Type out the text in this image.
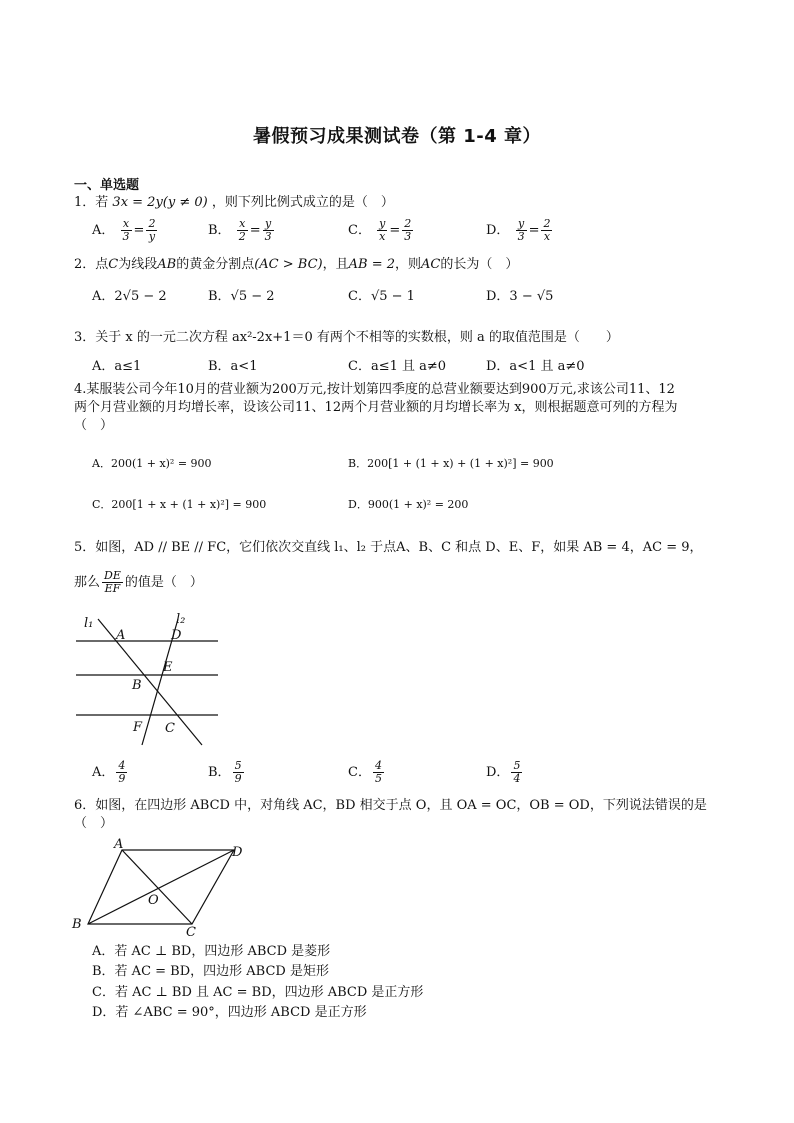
暑假预习成果测试卷（第 1-4 章）
一、单选题
1．若 3x = 2y(y ≠ 0) ，则下列比例式成立的是（　）
A． $\frac{x}{3} = \frac{2}{y}$	B． $\frac{x}{2} = \frac{y}{3}$	C． $\frac{y}{x} = \frac{2}{3}$	D． $\frac{y}{3} = \frac{2}{x}$
2．点C为线段AB的黄金分割点(AC > BC)，且AB = 2，则AC的长为（　）
A．2√5 − 2	B．√5 − 2	C．√5 − 1	D．3 − √5
3．关于 x 的一元二次方程 ax²-2x+1＝0 有两个不相等的实数根，则 a 的取值范围是（　　）
A．a≤1	B．a<1	C．a≤1 且 a≠0	D．a<1 且 a≠0
4.某服装公司今年10月的营业额为200万元,按计划第四季度的总营业额要达到900万元,求该公司11、12
两个月营业额的月均增长率，设该公司11、12两个月营业额的月均增长率为 x，则根据题意可列的方程为
（　）
A．200(1 + x)² = 900	B．200[1 + (1 + x) + (1 + x)²] = 900
C．200[1 + x + (1 + x)²] = 900	D．900(1 + x)² = 200
5．如图，AD // BE // FC，它们依次交直线 l₁、l₂ 于点A、B、C 和点 D、E、F，如果 AB = 4，AC = 9，
那么 $\frac{DE}{EF}$ 的值是（　）
l₁	l₂
A	D
E
B
F C
A． $\frac{4}{9}$	B． $\frac{5}{9}$	C． $\frac{4}{5}$	D． $\frac{5}{4}$
6．如图，在四边形 ABCD 中，对角线 AC，BD 相交于点 O，且 OA = OC，OB = OD，下列说法错误的是
（　）
A
D
B
C
O
A．若 AC ⊥ BD，四边形 ABCD 是菱形
B．若 AC = BD，四边形 ABCD 是矩形
C．若 AC ⊥ BD 且 AC = BD，四边形 ABCD 是正方形
D．若 ∠ABC = 90°，四边形 ABCD 是正方形
